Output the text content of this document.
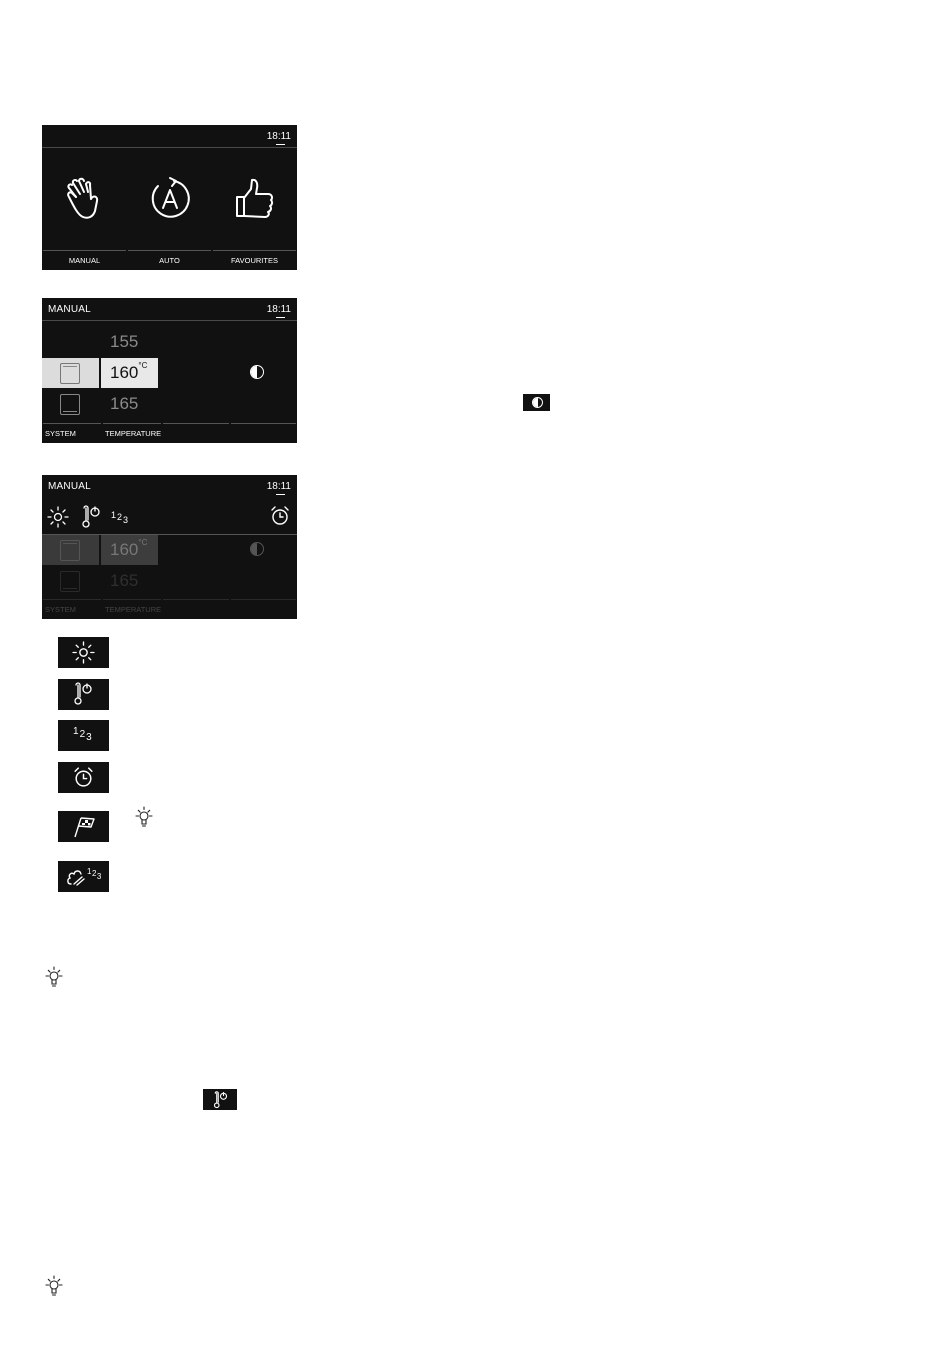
18:11
MANUAL	AUTO	FAVOURITES
MANUAL	18:11
155
$160^{^\circ C}$
165
SYSTEM	TEMPERATURE
MANUAL	18:11
123
$160^{^\circ C}$
165
SYSTEM	TEMPERATURE
123
123
